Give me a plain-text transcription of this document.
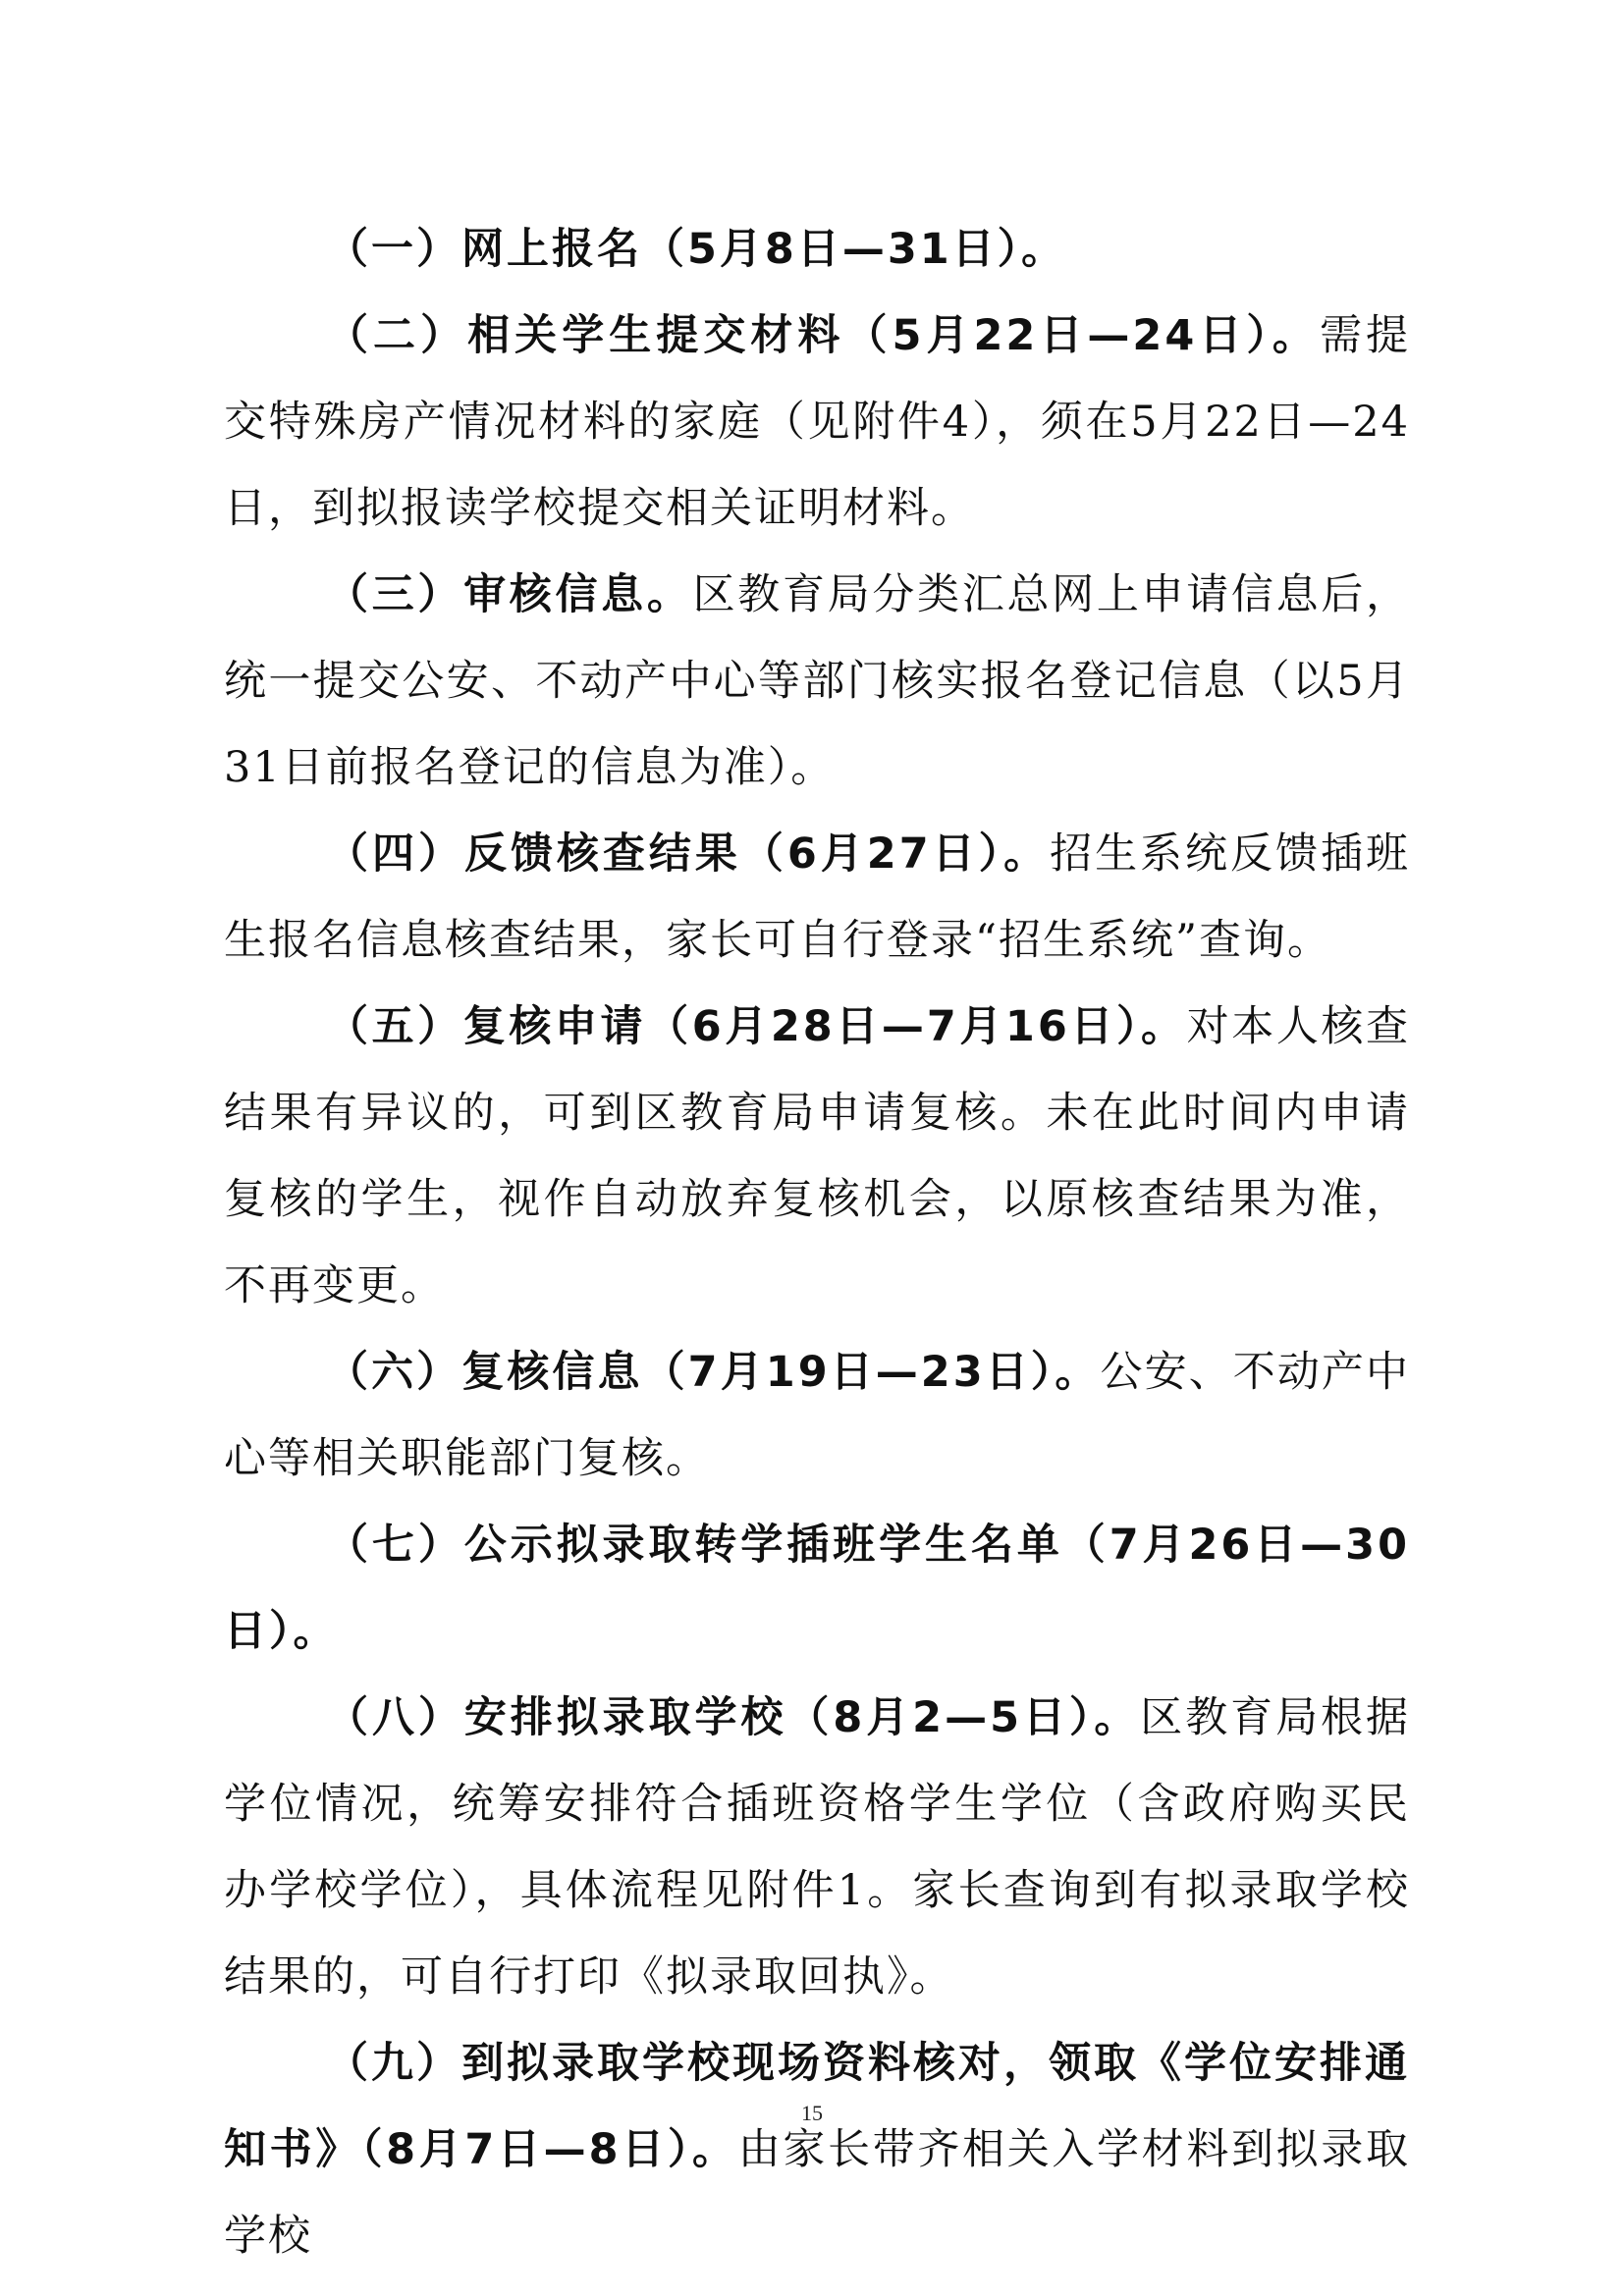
（一）网上报名（5月8日—31日）。

（二）相关学生提交材料（5月22日—24日）。需提交特殊房产情况材料的家庭（见附件4），须在5月22日—24日，到拟报读学校提交相关证明材料。

（三）审核信息。区教育局分类汇总网上申请信息后，统一提交公安、不动产中心等部门核实报名登记信息（以5月31日前报名登记的信息为准）。

（四）反馈核查结果（6月27日）。招生系统反馈插班生报名信息核查结果，家长可自行登录“招生系统”查询。

（五）复核申请（6月28日—7月16日）。对本人核查结果有异议的，可到区教育局申请复核。未在此时间内申请复核的学生，视作自动放弃复核机会，以原核查结果为准，不再变更。

（六）复核信息（7月19日—23日）。公安、不动产中心等相关职能部门复核。

（七）公示拟录取转学插班学生名单（7月26日—30日）。

（八）安排拟录取学校（8月2—5日）。区教育局根据学位情况，统筹安排符合插班资格学生学位（含政府购买民办学校学位），具体流程见附件1。家长查询到有拟录取学校结果的，可自行打印《拟录取回执》。

（九）到拟录取学校现场资料核对，领取《学位安排通知书》（8月7日—8日）。由家长带齐相关入学材料到拟录取学校

15
